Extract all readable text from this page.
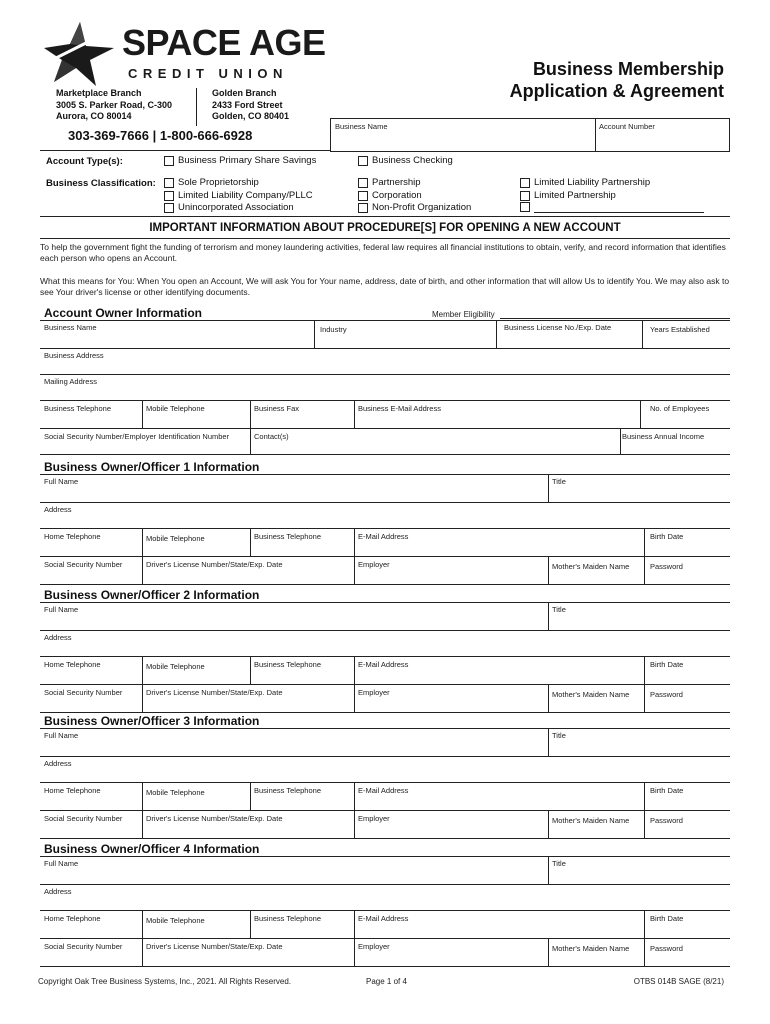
SPACE AGE
CREDIT UNION
Marketplace Branch
3005 S. Parker Road, C-300
Aurora, CO 80014
Golden Branch
2433 Ford Street
Golden, CO 80401
303-369-7666 | 1-800-666-6928
Business Membership
Application & Agreement
Business Name	Account Number
Account Type(s):	Business Primary Share Savings	Business Checking
Business Classification: Sole Proprietorship
Limited Liability Company/PLLC
Unincorporated Association
Partnership
Corporation
Non-Profit Organization
Limited Liability Partnership
Limited Partnership
IMPORTANT INFORMATION ABOUT PROCEDURE[S] FOR OPENING A NEW ACCOUNT
To help the government fight the funding of terrorism and money laundering activities, federal law requires all financial institutions to obtain, verify, and record information that identifies each person who opens an Account.
What this means for You: When You open an Account, We will ask You for Your name, address, date of birth, and other information that will allow Us to identify You. We may also ask to see Your driver's license or other identifying documents.
Account Owner Information	Member Eligibility
Business Name	Industry	Business License No./Exp. Date	Years Established
Business Address
Mailing Address
Business Telephone	Mobile Telephone	Business Fax	Business E-Mail Address	No. of Employees
Social Security Number/Employer Identification Number	Contact(s)	Business Annual Income
Business Owner/Officer 1 Information
Full Name	Title
Address
Home Telephone	Mobile Telephone	Business Telephone	E-Mail Address	Birth Date
Social Security Number	Driver's License Number/State/Exp. Date	Employer	Mother's Maiden Name	Password
Business Owner/Officer 2 Information
Full Name	Title
Address
Home Telephone	Mobile Telephone	Business Telephone	E-Mail Address	Birth Date
Social Security Number	Driver's License Number/State/Exp. Date	Employer	Mother's Maiden Name	Password
Business Owner/Officer 3 Information
Full Name	Title
Address
Home Telephone	Mobile Telephone	Business Telephone	E-Mail Address	Birth Date
Social Security Number	Driver's License Number/State/Exp. Date	Employer	Mother's Maiden Name	Password
Business Owner/Officer 4 Information
Full Name	Title
Address
Home Telephone	Mobile Telephone	Business Telephone	E-Mail Address	Birth Date
Social Security Number	Driver's License Number/State/Exp. Date	Employer	Mother's Maiden Name	Password
Copyright Oak Tree Business Systems, Inc., 2021. All Rights Reserved.	Page 1 of 4	OTBS 014B SAGE (8/21)
